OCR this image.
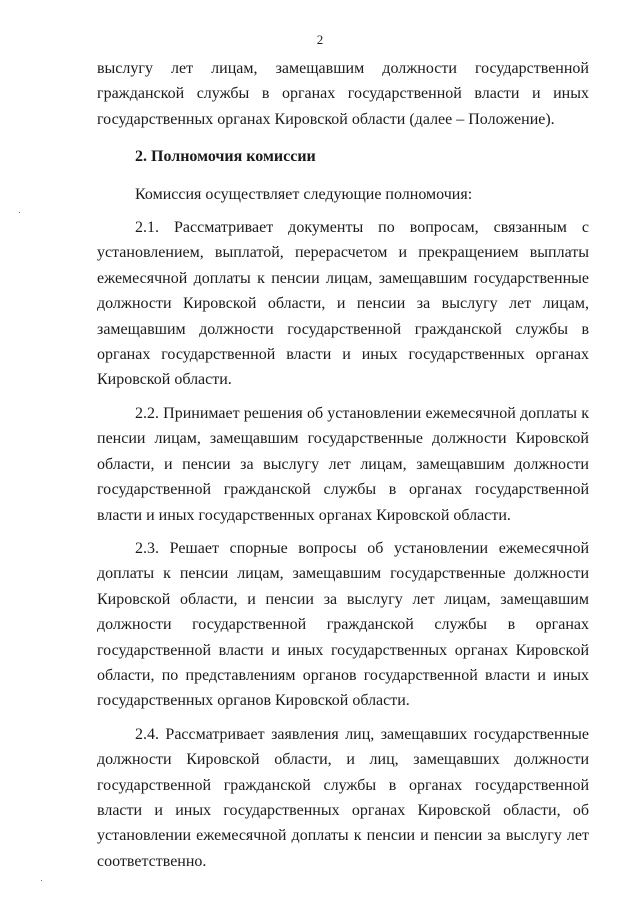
2

выслугу лет лицам, замещавшим должности государственной гражданской службы в органах государственной власти и иных государственных органах Кировской области (далее – Положение).

2. Полномочия комиссии

Комиссия осуществляет следующие полномочия:

2.1. Рассматривает документы по вопросам, связанным с установлением, выплатой, перерасчетом и прекращением выплаты ежемесячной доплаты к пенсии лицам, замещавшим государственные должности Кировской области, и пенсии за выслугу лет лицам, замещавшим должности государственной гражданской службы в органах государственной власти и иных государственных органах Кировской области.

2.2. Принимает решения об установлении ежемесячной доплаты к пенсии лицам, замещавшим государственные должности Кировской области, и пенсии за выслугу лет лицам, замещавшим должности государственной гражданской службы в органах государственной власти и иных государственных органах Кировской области.

2.3. Решает спорные вопросы об установлении ежемесячной доплаты к пенсии лицам, замещавшим государственные должности Кировской области, и пенсии за выслугу лет лицам, замещавшим должности государственной гражданской службы в органах государственной власти и иных государственных органах Кировской области, по представлениям органов государственной власти и иных государственных органов Кировской области.

2.4. Рассматривает заявления лиц, замещавших государственные должности Кировской области, и лиц, замещавших должности государственной гражданской службы в органах государственной власти и иных государственных органах Кировской области, об установлении ежемесячной доплаты к пенсии и пенсии за выслугу лет соответственно.
